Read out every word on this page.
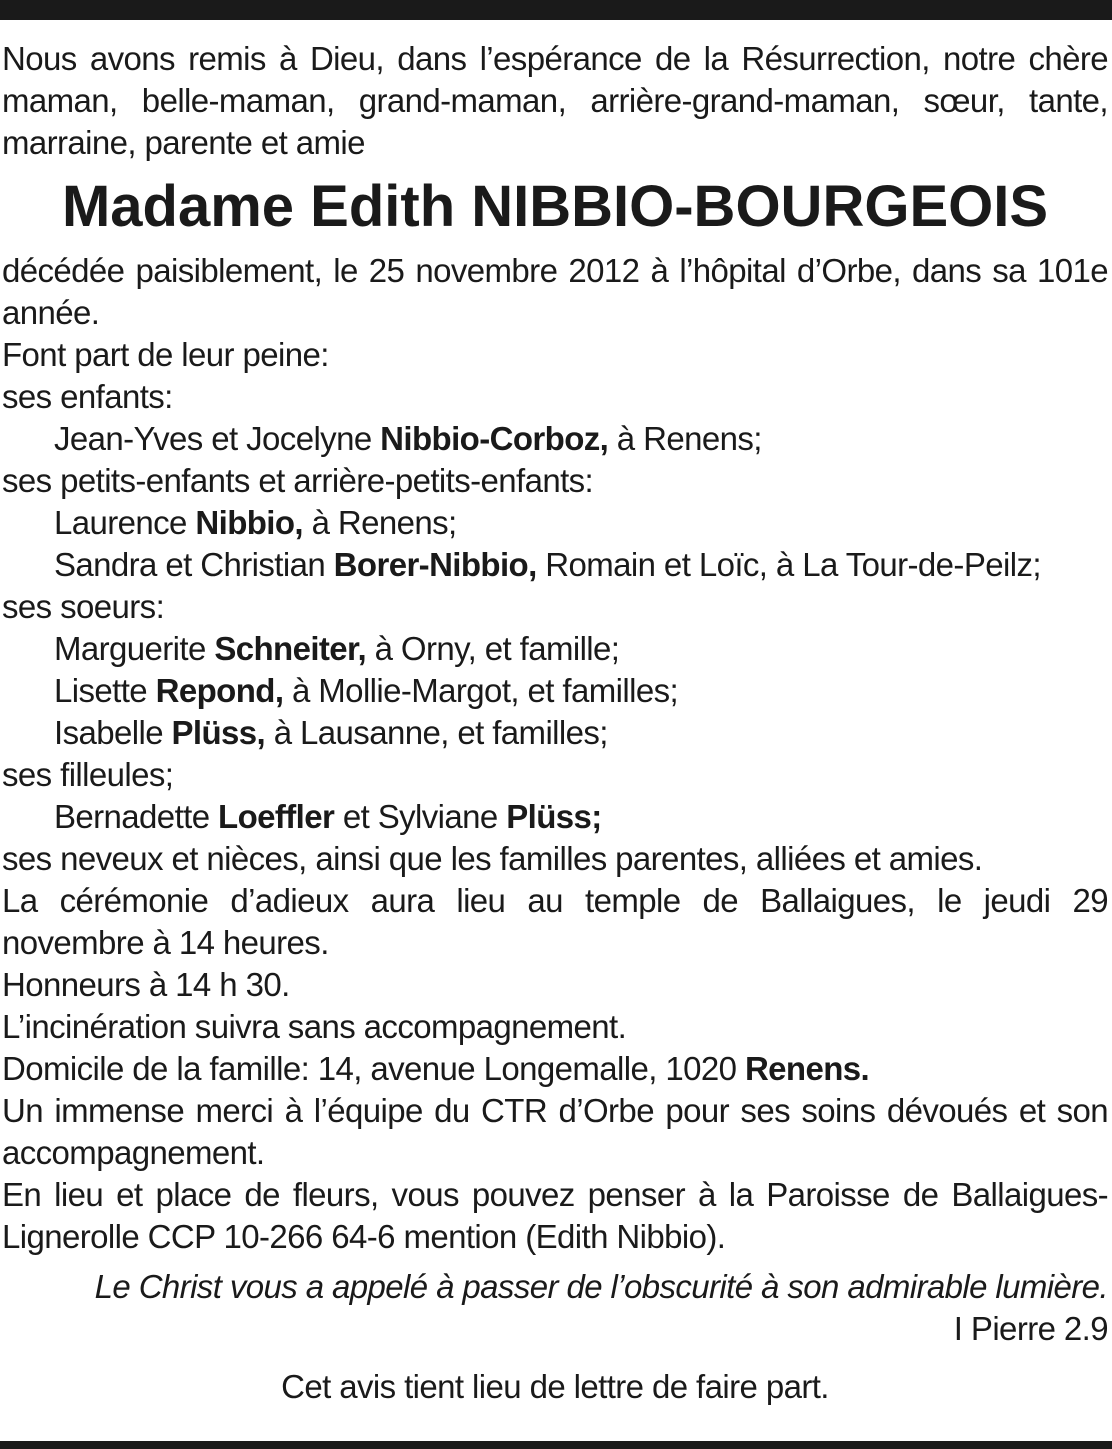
Nous avons remis à Dieu, dans l’espérance de la Résurrection, notre chère maman, belle-maman, grand-maman, arrière-grand-maman, sœur, tante, marraine, parente et amie

Madame Edith NIBBIO-BOURGEOIS

décédée paisiblement, le 25 novembre 2012 à l’hôpital d’Orbe, dans sa 101e année.

Font part de leur peine:

ses enfants:

Jean-Yves et Jocelyne Nibbio-Corboz, à Renens;

ses petits-enfants et arrière-petits-enfants:

Laurence Nibbio, à Renens;

Sandra et Christian Borer-Nibbio, Romain et Loïc, à La Tour-de-Peilz;

ses soeurs:

Marguerite Schneiter, à Orny, et famille;

Lisette Repond, à Mollie-Margot, et familles;

Isabelle Plüss, à Lausanne, et familles;

ses filleules;

Bernadette Loeffler et Sylviane Plüss;

ses neveux et nièces, ainsi que les familles parentes, alliées et amies.

La cérémonie d’adieux aura lieu au temple de Ballaigues, le jeudi 29 novembre à 14 heures.

Honneurs à 14 h 30.

L’incinération suivra sans accompagnement.

Domicile de la famille: 14, avenue Longemalle, 1020 Renens.

Un immense merci à l’équipe du CTR d’Orbe pour ses soins dévoués et son accompagnement.

En lieu et place de fleurs, vous pouvez penser à la Paroisse de Ballaigues-Lignerolle CCP 10-266 64-6 mention (Edith Nibbio).

Le Christ vous a appelé à passer de l’obscurité à son admirable lumière.

I Pierre 2.9

Cet avis tient lieu de lettre de faire part.
